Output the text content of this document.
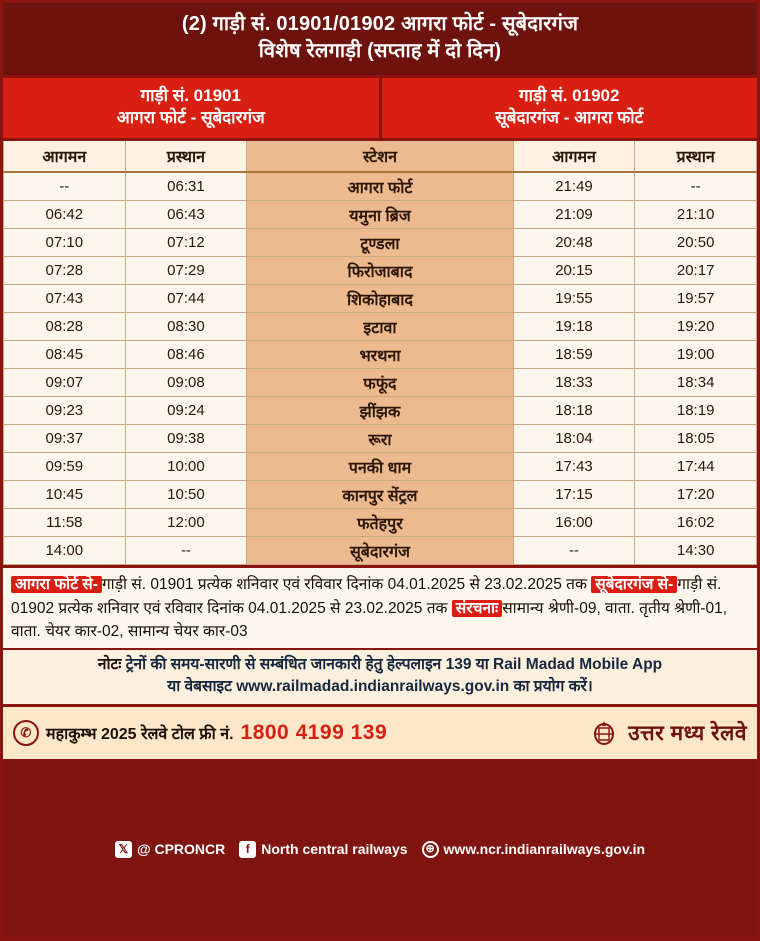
(2) गाड़ी सं. 01901/01902 आगरा फोर्ट - सूबेदारगंज
विशेष रेलगाड़ी (सप्ताह में दो दिन)
गाड़ी सं. 01901
आगरा फोर्ट - सूबेदारगंज
गाड़ी सं. 01902
सूबेदारगंज - आगरा फोर्ट
आगमन	प्रस्थान	स्टेशन	आगमन	प्रस्थान
--	06:31	आगरा फोर्ट	21:49	--
06:42	06:43	यमुना ब्रिज	21:09	21:10
07:10	07:12	टूण्डला	20:48	20:50
07:28	07:29	फिरोजाबाद	20:15	20:17
07:43	07:44	शिकोहाबाद	19:55	19:57
08:28	08:30	इटावा	19:18	19:20
08:45	08:46	भरथना	18:59	19:00
09:07	09:08	फफूंद	18:33	18:34
09:23	09:24	झींझक	18:18	18:19
09:37	09:38	रूरा	18:04	18:05
09:59	10:00	पनकी धाम	17:43	17:44
10:45	10:50	कानपुर सेंट्रल	17:15	17:20
11:58	12:00	फतेहपुर	16:00	16:02
14:00	--	सूबेदारगंज	--	14:30
आगरा फोर्ट से- गाड़ी सं. 01901 प्रत्येक शनिवार एवं रविवार दिनांक 04.01.2025 से 23.02.2025 तक सूबेदारगंज से- गाड़ी सं. 01902 प्रत्येक शनिवार एवं रविवार दिनांक 04.01.2025 से 23.02.2025 तक संरचनाः सामान्य श्रेणी-09, वाता. तृतीय श्रेणी-01, वाता. चेयर कार-02, सामान्य चेयर कार-03
नोटः ट्रेनों की समय-सारणी से सम्बंधित जानकारी हेतु हेल्पलाइन 139 या Rail Madad Mobile App
या वेबसाइट www.railmadad.indianrailways.gov.in का प्रयोग करें।
✆ महाकुम्भ 2025 रेलवे टोल फ्री नं. 1800 4199 139	उत्तर मध्य रेलवे
𝕏 @ CPRONCR	f North central railways	⊕ www.ncr.indianrailways.gov.in
